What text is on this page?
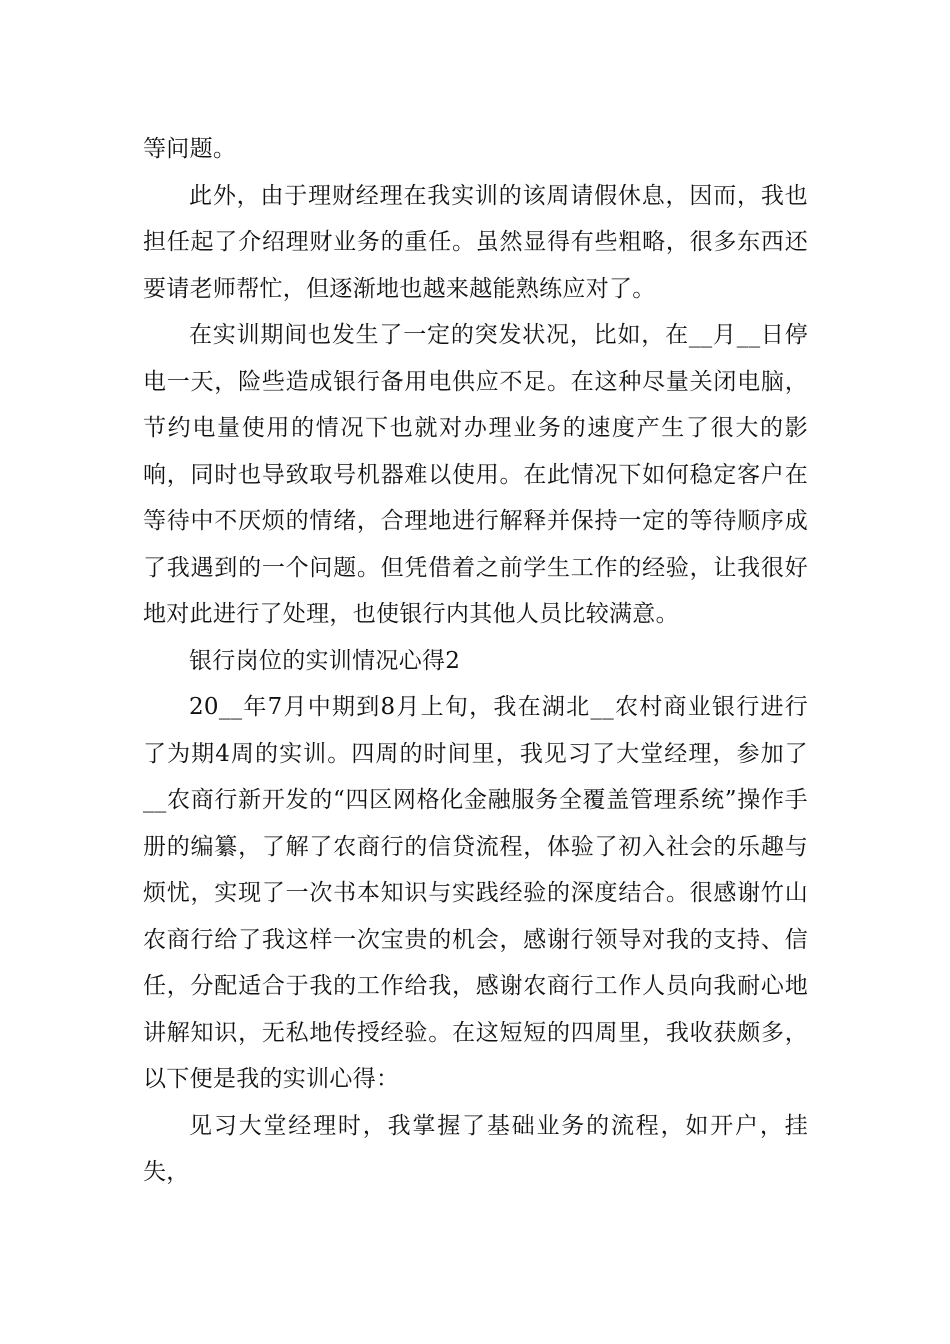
等问题。

此外，由于理财经理在我实训的该周请假休息，因而，我也担任起了介绍理财业务的重任。虽然显得有些粗略，很多东西还要请老师帮忙，但逐渐地也越来越能熟练应对了。

在实训期间也发生了一定的突发状况，比如，在__月__日停电一天，险些造成银行备用电供应不足。在这种尽量关闭电脑，节约电量使用的情况下也就对办理业务的速度产生了很大的影响，同时也导致取号机器难以使用。在此情况下如何稳定客户在等待中不厌烦的情绪，合理地进行解释并保持一定的等待顺序成了我遇到的一个问题。但凭借着之前学生工作的经验，让我很好地对此进行了处理，也使银行内其他人员比较满意。

银行岗位的实训情况心得2

20__年7月中期到8月上旬，我在湖北__农村商业银行进行了为期4周的实训。四周的时间里，我见习了大堂经理，参加了__农商行新开发的“四区网格化金融服务全覆盖管理系统”操作手册的编纂，了解了农商行的信贷流程，体验了初入社会的乐趣与烦忧，实现了一次书本知识与实践经验的深度结合。很感谢竹山农商行给了我这样一次宝贵的机会，感谢行领导对我的支持、信任，分配适合于我的工作给我，感谢农商行工作人员向我耐心地讲解知识，无私地传授经验。在这短短的四周里，我收获颇多，以下便是我的实训心得：

见习大堂经理时，我掌握了基础业务的流程，如开户，挂失，
